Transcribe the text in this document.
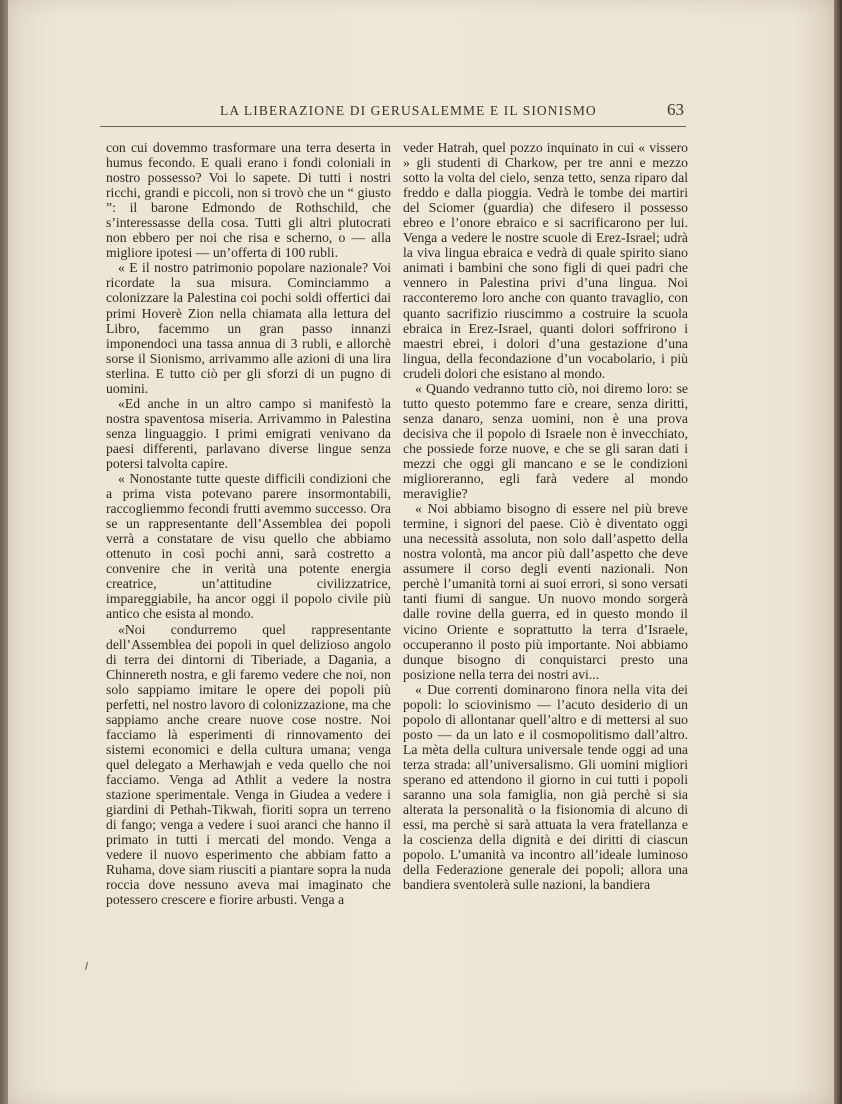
LA LIBERAZIONE DI GERUSALEMME E IL SIONISMO	63

con cui dovemmo trasformare una terra deserta in humus fecondo. E quali erano i fondi coloniali in nostro possesso? Voi lo sapete. Di tutti i nostri ricchi, grandi e piccoli, non si trovò che un “ giusto ”: il barone Edmondo de Rothschild, che s’interessasse della cosa. Tutti gli altri plutocrati non ebbero per noi che risa e scherno, o — alla migliore ipotesi — un’offerta di 100 rubli.

« E il nostro patrimonio popolare nazionale? Voi ricordate la sua misura. Cominciammo a colonizzare la Palestina coi pochi soldi offertici dai primi Hoverè Zion nella chiamata alla lettura del Libro, facemmo un gran passo innanzi imponendoci una tassa annua di 3 rubli, e allorchè sorse il Sionismo, arrivammo alle azioni di una lira sterlina. E tutto ciò per gli sforzi di un pugno di uomini.

«Ed anche in un altro campo si manifestò la nostra spaventosa miseria. Arrivammo in Palestina senza linguaggio. I primi emigrati venivano da paesi differenti, parlavano diverse lingue senza potersi talvolta capire.

« Nonostante tutte queste difficili condizioni che a prima vista potevano parere insormontabili, raccogliemmo fecondi frutti avemmo successo. Ora se un rappresentante dell’Assemblea dei popoli verrà a constatare de visu quello che abbiamo ottenuto in così pochi anni, sarà costretto a convenire che in verità una potente energia creatrice, un’attitudine civilizzatrice, impareggiabile, ha ancor oggi il popolo civile più antico che esista al mondo.

«Noi condurremo quel rappresentante dell’Assemblea dei popoli in quel delizioso angolo di terra dei dintorni di Tiberiade, a Dagania, a Chinnereth nostra, e gli faremo vedere che noi, non solo sappiamo imitare le opere dei popoli più perfetti, nel nostro lavoro di colonizzazione, ma che sappiamo anche creare nuove cose nostre. Noi facciamo là esperimenti di rinnovamento dei sistemi economici e della cultura umana; venga quel delegato a Merhawjah e veda quello che noi facciamo. Venga ad Athlit a vedere la nostra stazione sperimentale. Venga in Giudea a vedere i giardini di Pethah-Tikwah, fioriti sopra un terreno di fango; venga a vedere i suoi aranci che hanno il primato in tutti i mercati del mondo. Venga a vedere il nuovo esperimento che abbiam fatto a Ruhama, dove siam riusciti a piantare sopra la nuda roccia dove nessuno aveva mai imaginato che potessero crescere e fiorire arbusti. Venga a

veder Hatrah, quel pozzo inquinato in cui « vissero » gli studenti di Charkow, per tre anni e mezzo sotto la volta del cielo, senza tetto, senza riparo dal freddo e dalla pioggia. Vedrà le tombe dei martiri del Sciomer (guardia) che difesero il possesso ebreo e l’onore ebraico e si sacrificarono per lui. Venga a vedere le nostre scuole di Erez-Israel; udrà la viva lingua ebraica e vedrà di quale spirito siano animati i bambini che sono figli di quei padri che vennero in Palestina privi d’una lingua. Noi racconteremo loro anche con quanto travaglio, con quanto sacrifizio riuscimmo a costruire la scuola ebraica in Erez-Israel, quanti dolori soffrirono i maestri ebrei, i dolori d’una gestazione d’una lingua, della fecondazione d’un vocabolario, i più crudeli dolori che esistano al mondo.

« Quando vedranno tutto ciò, noi diremo loro: se tutto questo potemmo fare e creare, senza diritti, senza danaro, senza uomini, non è una prova decisiva che il popolo di Israele non è invecchiato, che possiede forze nuove, e che se gli saran dati i mezzi che oggi gli mancano e se le condizioni miglioreranno, egli farà vedere al mondo meraviglie?

« Noi abbiamo bisogno di essere nel più breve termine, i signori del paese. Ciò è diventato oggi una necessità assoluta, non solo dall’aspetto della nostra volontà, ma ancor più dall’aspetto che deve assumere il corso degli eventi nazionali. Non perchè l’umanità torni ai suoi errori, si sono versati tanti fiumi di sangue. Un nuovo mondo sorgerà dalle rovine della guerra, ed in questo mondo il vicino Oriente e soprattutto la terra d’Israele, occuperanno il posto più importante. Noi abbiamo dunque bisogno di conquistarci presto una posizione nella terra dei nostri avi...

« Due correnti dominarono finora nella vita dei popoli: lo sciovinismo — l’acuto desiderio di un popolo di allontanar quell’altro e di mettersi al suo posto — da un lato e il cosmopolitismo dall’altro. La mèta della cultura universale tende oggi ad una terza strada: all’universalismo. Gli uomini migliori sperano ed attendono il giorno in cui tutti i popoli saranno una sola famiglia, non già perchè si sia alterata la personalità o la fisionomia di alcuno di essi, ma perchè si sarà attuata la vera fratellanza e la coscienza della dignità e dei diritti di ciascun popolo. L’umanità va incontro all’ideale luminoso della Federazione generale dei popoli; allora una bandiera sventolerà sulle nazioni, la bandiera
